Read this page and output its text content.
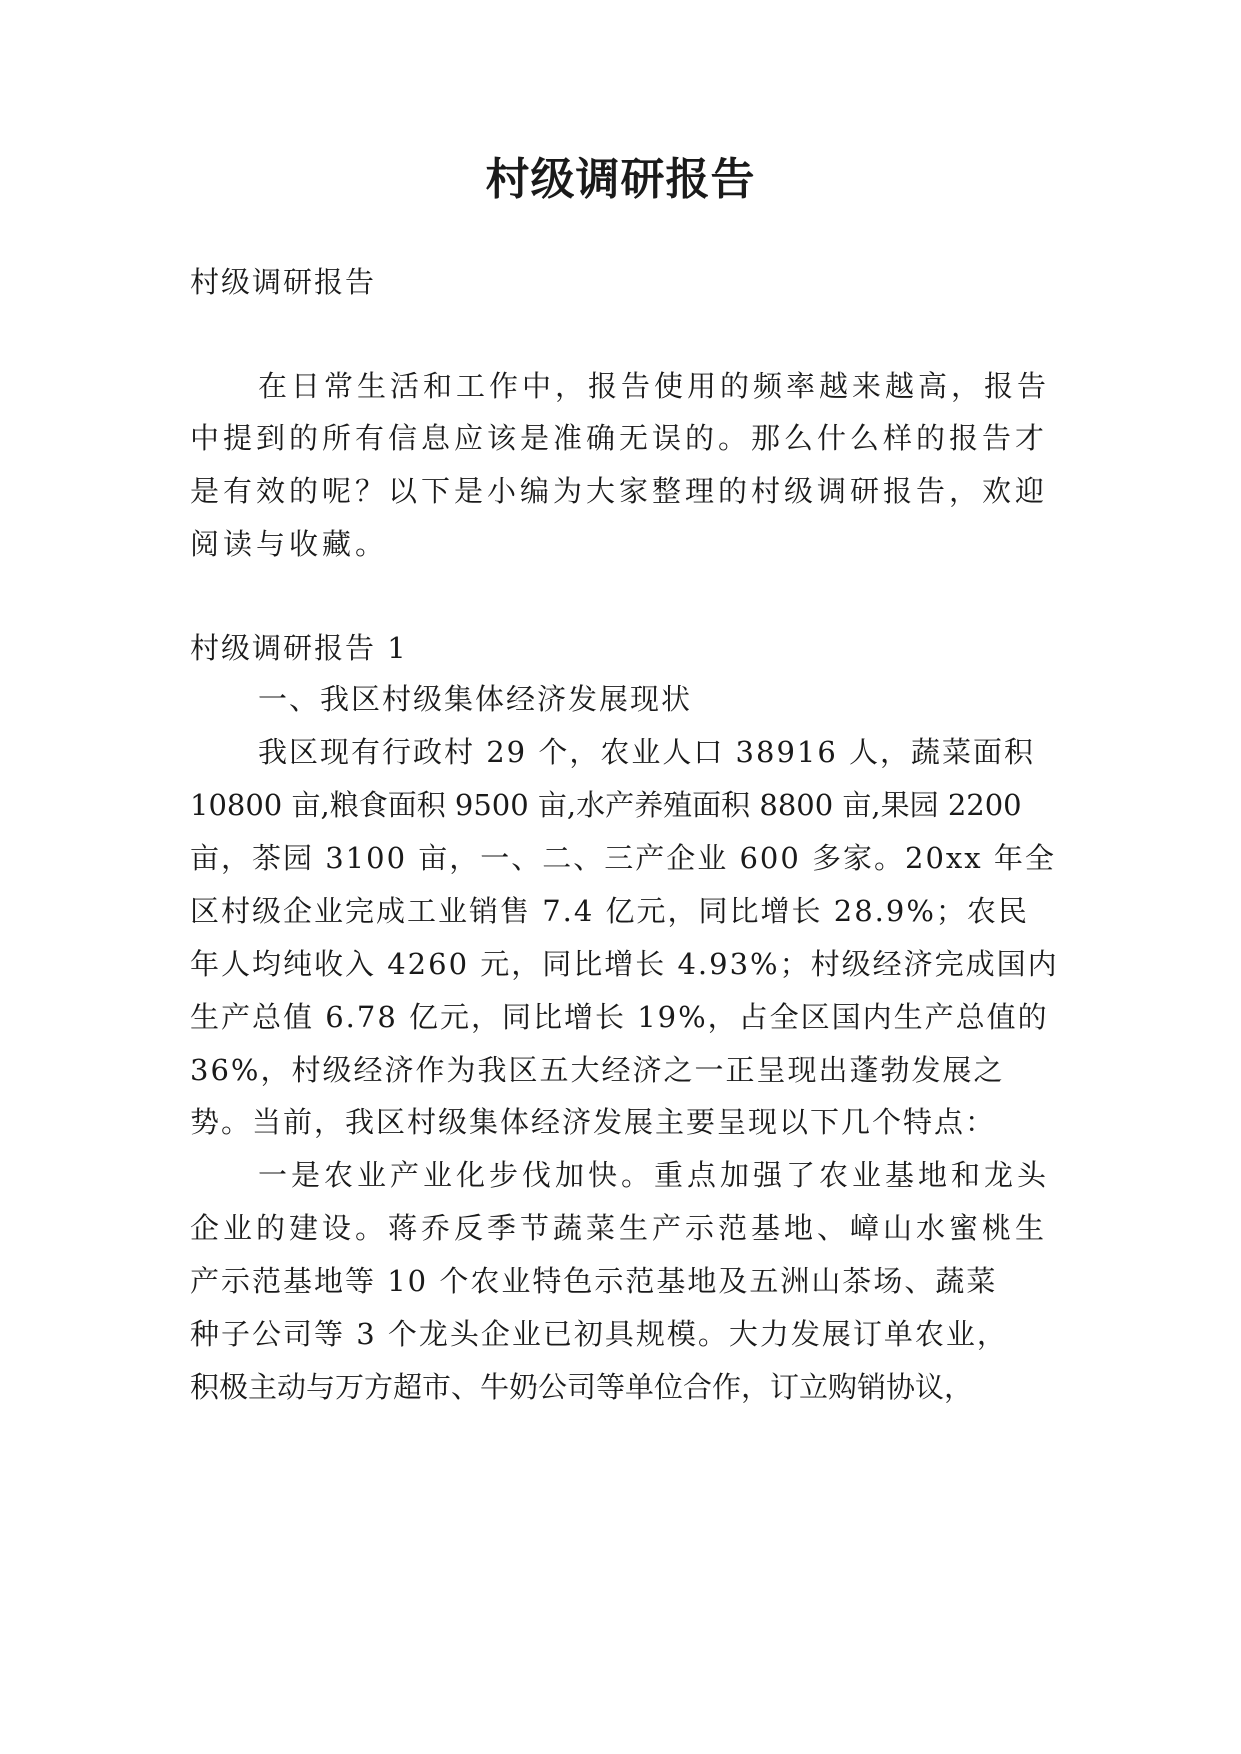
村级调研报告

村级调研报告

在日常生活和工作中，报告使用的频率越来越高，报告

中提到的所有信息应该是准确无误的。那么什么样的报告才

是有效的呢？以下是小编为大家整理的村级调研报告，欢迎

阅读与收藏。

村级调研报告 1

一、我区村级集体经济发展现状

我区现有行政村 29 个，农业人口 38916 人，蔬菜面积

10800 亩,粮食面积 9500 亩,水产养殖面积 8800 亩,果园 2200

亩，茶园 3100 亩，一、二、三产企业 600 多家。20xx 年全

区村级企业完成工业销售 7.4 亿元，同比增长 28.9%；农民

年人均纯收入 4260 元，同比增长 4.93%；村级经济完成国内

生产总值 6.78 亿元，同比增长 19%，占全区国内生产总值的

36%，村级经济作为我区五大经济之一正呈现出蓬勃发展之

势。当前，我区村级集体经济发展主要呈现以下几个特点：

一是农业产业化步伐加快。重点加强了农业基地和龙头

企业的建设。蒋乔反季节蔬菜生产示范基地、嶂山水蜜桃生

产示范基地等 10 个农业特色示范基地及五洲山茶场、蔬菜

种子公司等 3 个龙头企业已初具规模。大力发展订单农业，

积极主动与万方超市、牛奶公司等单位合作，订立购销协议，
